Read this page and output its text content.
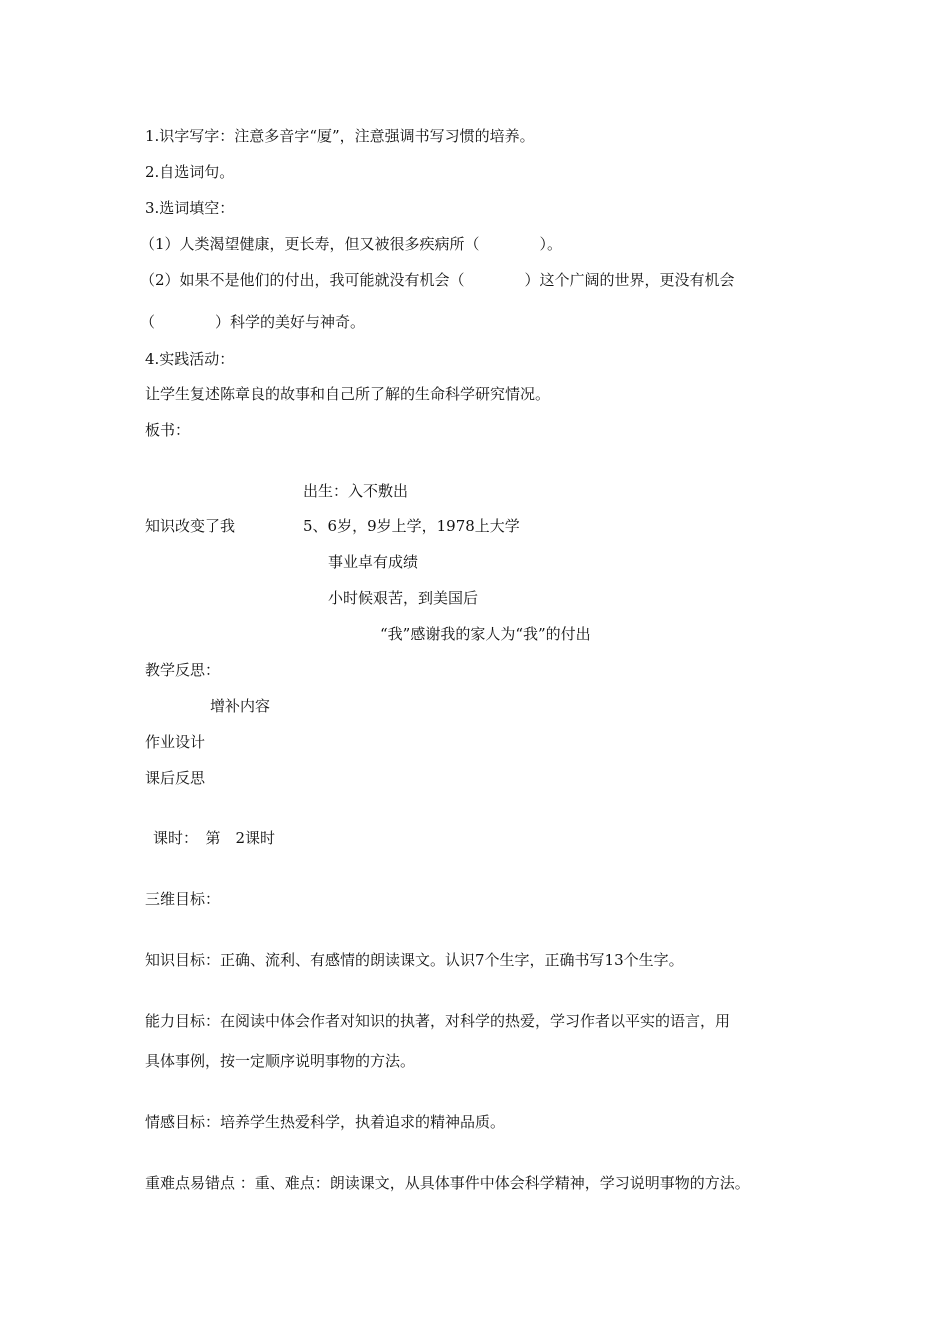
1.识字写字：注意多音字“厦”，注意强调书写习惯的培养。
2.自选词句。
3.选词填空：
（1）人类渴望健康，更长寿，但又被很多疾病所（　　　　）。
（2）如果不是他们的付出，我可能就没有机会（　　　　）这个广阔的世界，更没有机会
（　　　　）科学的美好与神奇。
4.实践活动：
让学生复述陈章良的故事和自己所了解的生命科学研究情况。
板书：
出生：入不敷出
知识改变了我	5、6岁，9岁上学，1978上大学
事业卓有成绩
小时候艰苦，到美国后
“我”感谢我的家人为“我”的付出
教学反思：
增补内容
作业设计
课后反思
课时：　第　2课时
三维目标：
知识目标：正确、流利、有感情的朗读课文。认识7个生字，正确书写13个生字。
能力目标：在阅读中体会作者对知识的执著，对科学的热爱，学习作者以平实的语言，用
具体事例，按一定顺序说明事物的方法。
情感目标：培养学生热爱科学，执着追求的精神品质。
重难点易错点 ：重、难点：朗读课文，从具体事件中体会科学精神，学习说明事物的方法。
